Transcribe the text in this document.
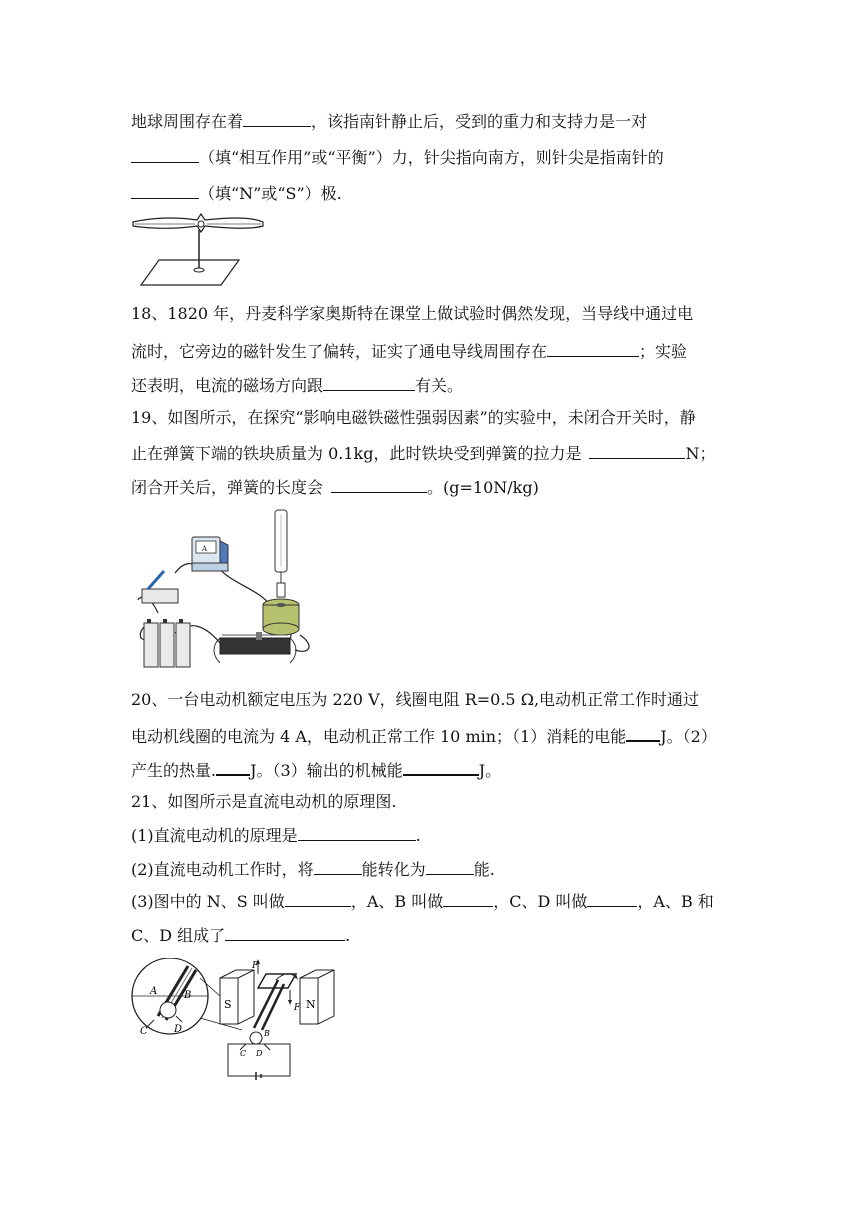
地球周围存在着	，该指南针静止后，受到的重力和支持力是一对
（填“相互作用”或“平衡”）力，针尖指向南方，则针尖是指南针的
（填“N”或“S”）极.
18、1820 年，丹麦科学家奥斯特在课堂上做试验时偶然发现，当导线中通过电
流时，它旁边的磁针发生了偏转，证实了通电导线周围存在	；实验
还表明，电流的磁场方向跟	有关。
19、如图所示，在探究“影响电磁铁磁性强弱因素”的实验中，未闭合开关时，静
止在弹簧下端的铁块质量为 0.1kg，此时铁块受到弹簧的拉力是	N；
闭合开关后，弹簧的长度会	。(g=10N/kg)
A
20、一台电动机额定电压为 220 V，线圈电阻 R=0.5 Ω,电动机正常工作时通过
电动机线圈的电流为 4 A，电动机正常工作 10 min；（1）消耗的电能 J。（2）
产生的热量. J。（3）输出的机械能	J。
21、如图所示是直流电动机的原理图.
(1)直流电动机的原理是	.
(2)直流电动机工作时，将	能转化为	能.
(3)图中的 N、S 叫做	，A、B 叫做	，C、D 叫做	，A、B 和
C、D 组成了	.
A	B
C	D
S	N
F
F
B
C D
